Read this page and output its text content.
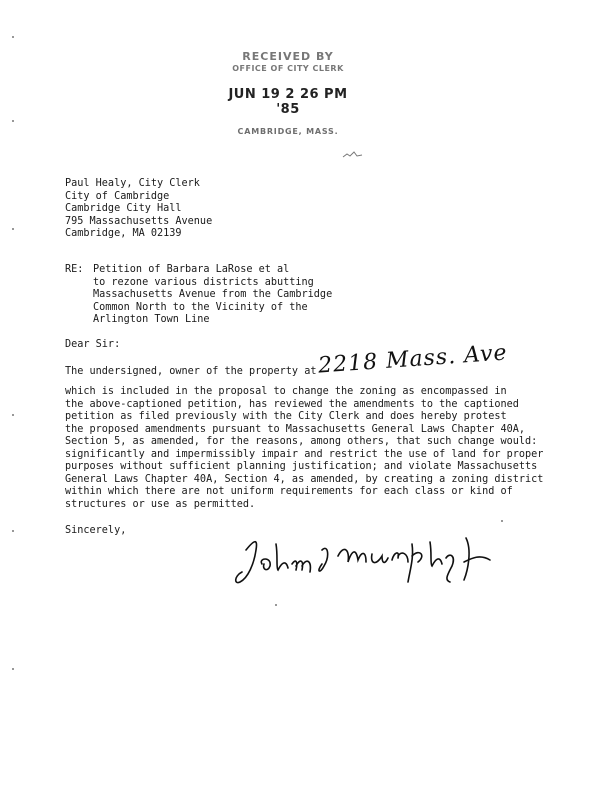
RECEIVED BY
OFFICE OF CITY CLERK
JUN 19 2 26 PM '85
CAMBRIDGE, MASS.
Paul Healy, City Clerk
City of Cambridge
Cambridge City Hall
795 Massachusetts Avenue
Cambridge, MA 02139
RE: Petition of Barbara LaRose et al
to rezone various districts abutting
Massachusetts Avenue from the Cambridge
Common North to the Vicinity of the
Arlington Town Line
Dear Sir:
The undersigned, owner of the property at 2218 Mass. Ave
which is included in the proposal to change the zoning as encompassed in
the above-captioned petition, has reviewed the amendments to the captioned
petition as filed previously with the City Clerk and does hereby protest
the proposed amendments pursuant to Massachusetts General Laws Chapter 40A,
Section 5, as amended, for the reasons, among others, that such change would:
significantly and impermissibly impair and restrict the use of land for proper
purposes without sufficient planning justification; and violate Massachusetts
General Laws Chapter 40A, Section 4, as amended, by creating a zoning district
within which there are not uniform requirements for each class or kind of
structures or use as permitted.
Sincerely,
